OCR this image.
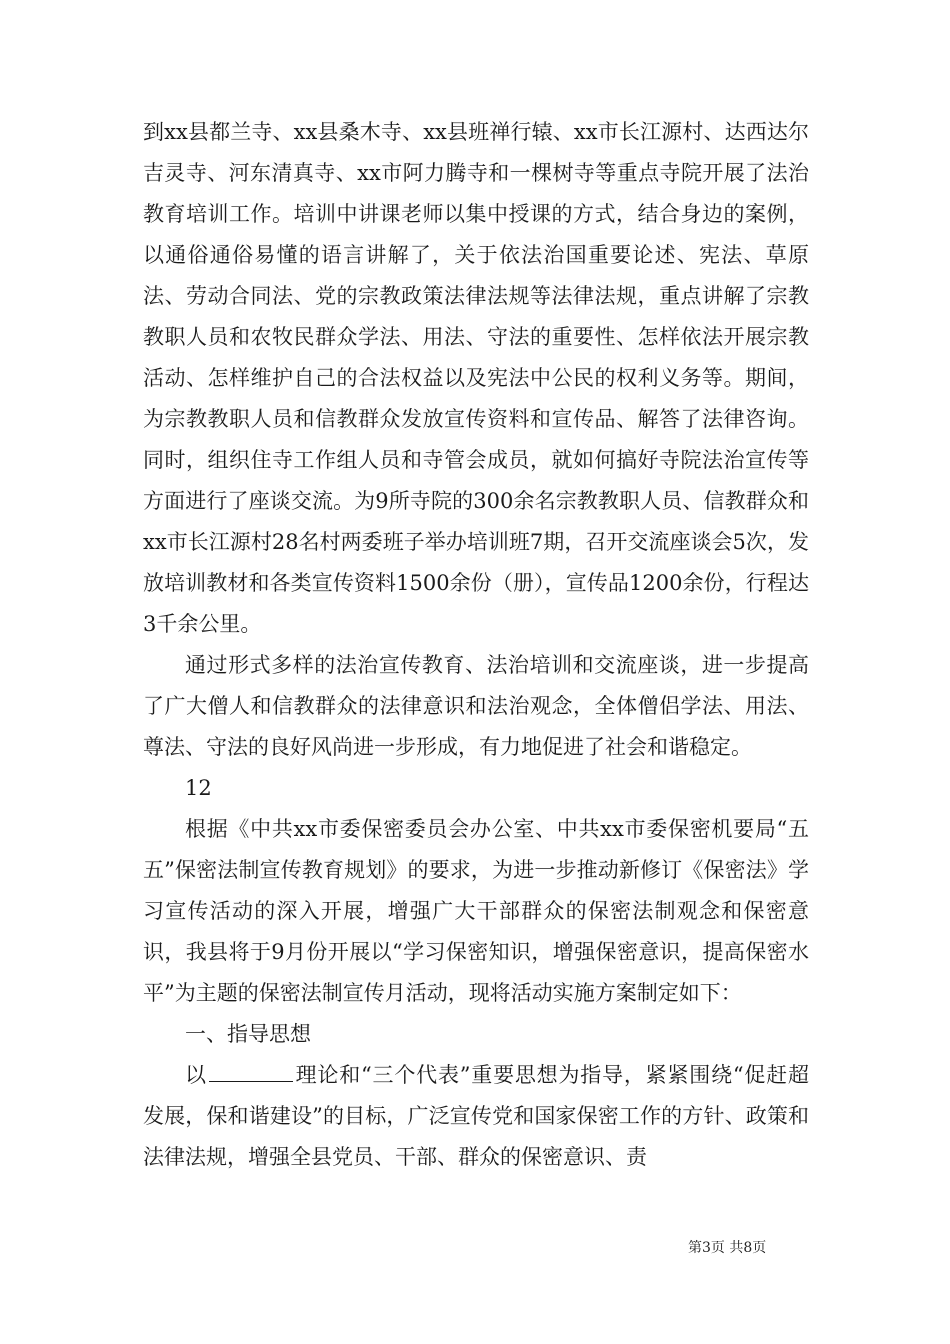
到xx县都兰寺、xx县桑木寺、xx县班禅行辕、xx市长江源村、达西达尔吉灵寺、河东清真寺、xx市阿力腾寺和一棵树寺等重点寺院开展了法治教育培训工作。培训中讲课老师以集中授课的方式，结合身边的案例，以通俗通俗易懂的语言讲解了，关于依法治国重要论述、宪法、草原法、劳动合同法、党的宗教政策法律法规等法律法规，重点讲解了宗教教职人员和农牧民群众学法、用法、守法的重要性、怎样依法开展宗教活动、怎样维护自己的合法权益以及宪法中公民的权利义务等。期间，为宗教教职人员和信教群众发放宣传资料和宣传品、解答了法律咨询。同时，组织住寺工作组人员和寺管会成员，就如何搞好寺院法治宣传等方面进行了座谈交流。为9所寺院的300余名宗教教职人员、信教群众和xx市长江源村28名村两委班子举办培训班7期，召开交流座谈会5次，发放培训教材和各类宣传资料1500余份（册），宣传品1200余份，行程达3千余公里。

通过形式多样的法治宣传教育、法治培训和交流座谈，进一步提高了广大僧人和信教群众的法律意识和法治观念，全体僧侣学法、用法、尊法、守法的良好风尚进一步形成，有力地促进了社会和谐稳定。

12

根据《中共xx市委保密委员会办公室、中共xx市委保密机要局“五五”保密法制宣传教育规划》的要求，为进一步推动新修订《保密法》学习宣传活动的深入开展，增强广大干部群众的保密法制观念和保密意识，我县将于9月份开展以“学习保密知识，增强保密意识，提高保密水平”为主题的保密法制宣传月活动，现将活动实施方案制定如下：

一、指导思想

以	理论和“三个代表”重要思想为指导，紧紧围绕“促赶超发展，保和谐建设”的目标，广泛宣传党和国家保密工作的方针、政策和法律法规，增强全县党员、干部、群众的保密意识、责

第3页 共8页
